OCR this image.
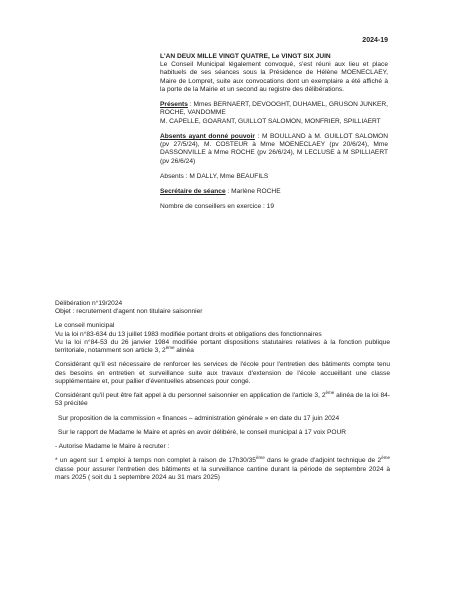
2024-19

L'AN DEUX MILLE VINGT QUATRE, Le VINGT SIX JUIN

Le Conseil Municipal légalement convoqué, s'est réuni aux lieu et place habituels de ses séances sous la Présidence de Hélène MOENECLAEY, Maire de Lompret, suite aux convocations dont un exemplaire a été affiché à la porte de la Mairie et un second au registre des délibérations.

Présents : Mmes BERNAERT, DEVOOGHT, DUHAMEL, GRUSON JUNKER, ROCHE, VANDOMME

M. CAPELLE, GOARANT, GUILLOT SALOMON, MONFRIER, SPILLIAERT

Absents ayant donné pouvoir : M BOULLAND à M. GUILLOT SALOMON (pv 27/5/24), M. COSTEUR à Mme MOENECLAEY (pv 20/6/24), Mme DASSONVILLE à Mme ROCHE (pv 26/6/24), M LECLUSE à M SPILLIAERT (pv 26/6/24)

Absents : M DALLY, Mme BEAUFILS

Secrétaire de séance : Marlène ROCHE

Nombre de conseillers en exercice : 19

Délibération n°19/2024

Objet : recrutement d'agent non titulaire saisonnier

Le conseil municipal

Vu la loi n°83-634 du 13 juillet 1983 modifiée portant droits et obligations des fonctionnaires

Vu la loi n°84-53 du 26 janvier 1984 modifiée portant dispositions statutaires relatives à la fonction publique territoriale, notamment son article 3, 2ème alinéa

Considérant qu'il est nécessaire de renforcer les services de l'école pour l'entretien des bâtiments compte tenu des besoins en entretien et surveillance suite aux travaux d'extension de l'école accueillant une classe supplémentaire et, pour pallier d'éventuelles absences pour congé.

Considérant qu'il peut être fait appel à du personnel saisonnier en application de l'article 3, 2ème alinéa de la loi 84-53 précitée

Sur proposition de la commission « finances – administration générale » en date du 17 juin 2024

Sur le rapport de Madame le Maire et après en avoir délibéré, le conseil municipal à 17 voix POUR

- Autorise Madame le Maire à recruter :

* un agent sur 1 emploi à temps non complet à raison de 17h30/35ème dans le grade d'adjoint technique de 2ème classe pour assurer l'entretien des bâtiments et la surveillance cantine durant la période de septembre 2024 à mars 2025 ( soit du 1 septembre 2024 au 31 mars 2025)
